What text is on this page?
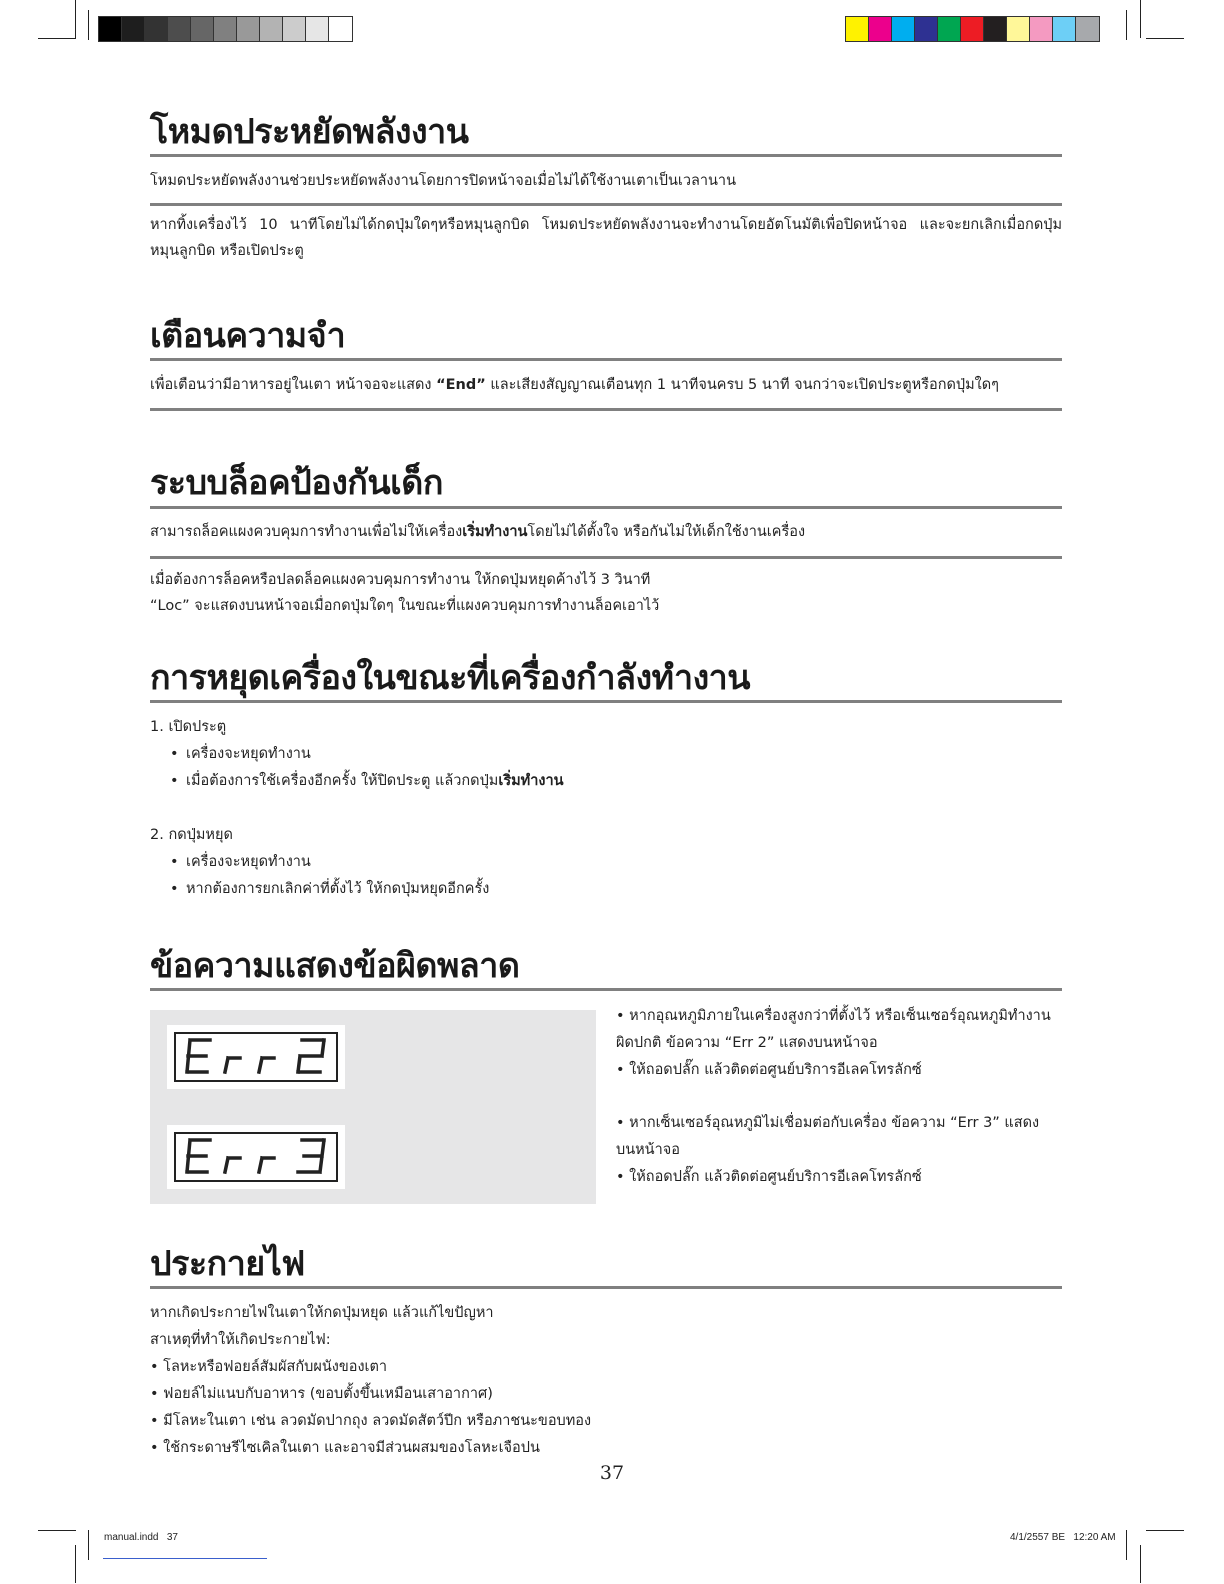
โหมดประหยัดพลังงาน

โหมดประหยัดพลังงานช่วยประหยัดพลังงานโดยการปิดหน้าจอเมื่อไม่ได้ใช้งานเตาเป็นเวลานาน

หากทิ้งเครื่องไว้ 10 นาทีโดยไม่ได้กดปุ่มใดๆหรือหมุนลูกบิด โหมดประหยัดพลังงานจะทำงานโดยอัตโนมัติเพื่อปิดหน้าจอ และจะยกเลิกเมื่อกดปุ่ม หมุนลูกบิด หรือเปิดประตู

เตือนความจำ

เพื่อเตือนว่ามีอาหารอยู่ในเตา หน้าจอจะแสดง “End” และเสียงสัญญาณเตือนทุก 1 นาทีจนครบ 5 นาที จนกว่าจะเปิดประตูหรือกดปุ่มใดๆ

ระบบล็อคป้องกันเด็ก

สามารถล็อคแผงควบคุมการทำงานเพื่อไม่ให้เครื่องเริ่มทำงานโดยไม่ได้ตั้งใจ หรือกันไม่ให้เด็กใช้งานเครื่อง

เมื่อต้องการล็อคหรือปลดล็อคแผงควบคุมการทำงาน ให้กดปุ่มหยุดค้างไว้ 3 วินาที
“Loc” จะแสดงบนหน้าจอเมื่อกดปุ่มใดๆ ในขณะที่แผงควบคุมการทำงานล็อคเอาไว้

การหยุดเครื่องในขณะที่เครื่องกำลังทำงาน
1. เปิดประตู
• เครื่องจะหยุดทำงาน
• เมื่อต้องการใช้เครื่องอีกครั้ง ให้ปิดประตู แล้วกดปุ่มเริ่มทำงาน
2. กดปุ่มหยุด
• เครื่องจะหยุดทำงาน
• หากต้องการยกเลิกค่าที่ตั้งไว้ ให้กดปุ่มหยุดอีกครั้ง
ข้อความแสดงข้อผิดพลาด
• หากอุณหภูมิภายในเครื่องสูงกว่าที่ตั้งไว้ หรือเซ็นเซอร์อุณหภูมิทำงาน
ผิดปกติ ข้อความ “Err 2” แสดงบนหน้าจอ
• ให้ถอดปลั๊ก แล้วติดต่อศูนย์บริการอีเลคโทรลักซ์
• หากเซ็นเซอร์อุณหภูมิไม่เชื่อมต่อกับเครื่อง ข้อความ “Err 3” แสดง
บนหน้าจอ
• ให้ถอดปลั๊ก แล้วติดต่อศูนย์บริการอีเลคโทรลักซ์
ประกายไฟ
หากเกิดประกายไฟในเตาให้กดปุ่มหยุด แล้วแก้ไขปัญหา
สาเหตุที่ทำให้เกิดประกายไฟ:
• โลหะหรือฟอยล์สัมผัสกับผนังของเตา
• ฟอยล์ไม่แนบกับอาหาร (ขอบตั้งขึ้นเหมือนเสาอากาศ)
• มีโลหะในเตา เช่น ลวดมัดปากถุง ลวดมัดสัตว์ปีก หรือภาชนะขอบทอง
• ใช้กระดาษรีไซเคิลในเตา และอาจมีส่วนผสมของโลหะเจือปน
37
manual.indd   37	4/1/2557 BE   12:20 AM
